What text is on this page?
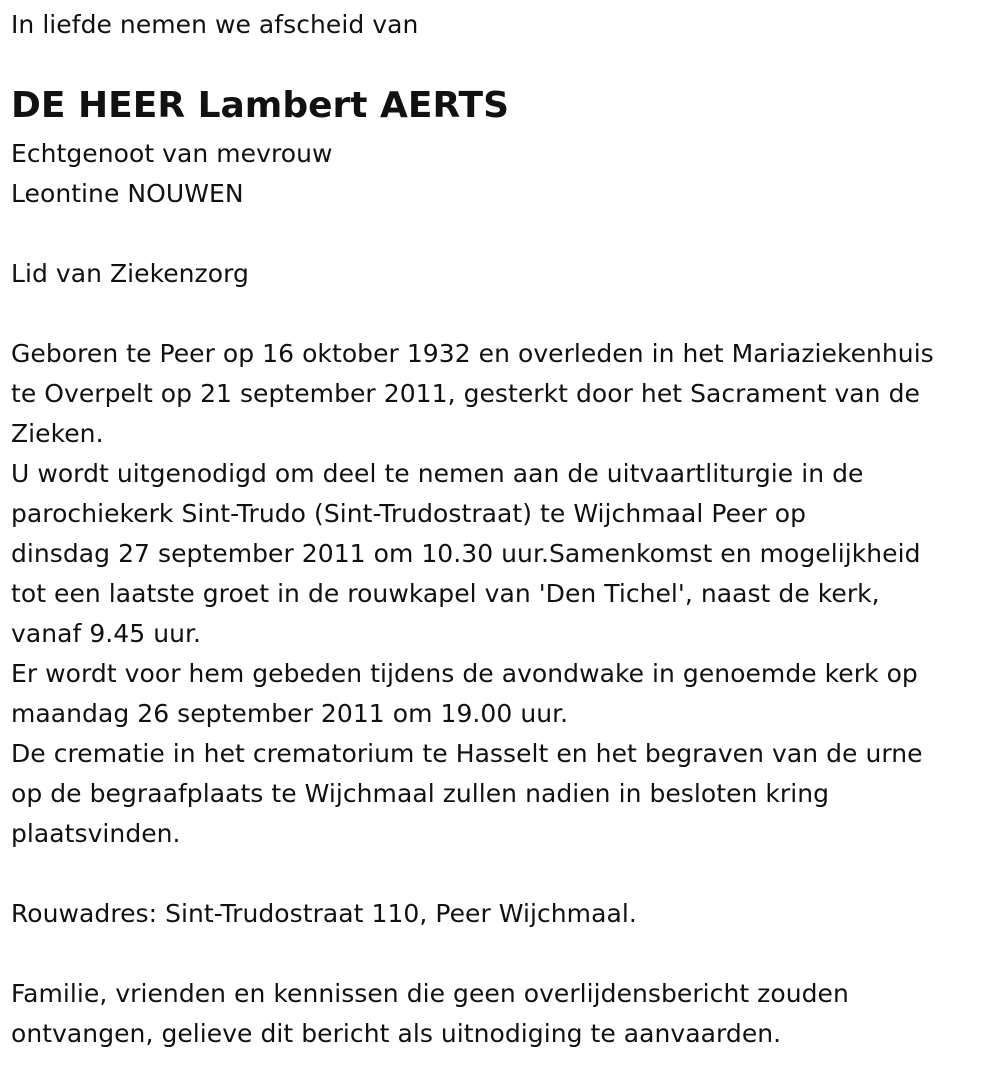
In liefde nemen we afscheid van
DE HEER Lambert AERTS
Echtgenoot van mevrouw
Leontine NOUWEN
Lid van Ziekenzorg
Geboren te Peer op 16 oktober 1932 en overleden in het Mariaziekenhuis
te Overpelt op 21 september 2011, gesterkt door het Sacrament van de
Zieken.
U wordt uitgenodigd om deel te nemen aan de uitvaartliturgie in de
parochiekerk Sint-Trudo (Sint-Trudostraat) te Wijchmaal Peer op
dinsdag 27 september 2011 om 10.30 uur.Samenkomst en mogelijkheid
tot een laatste groet in de rouwkapel van 'Den Tichel', naast de kerk,
vanaf 9.45 uur.
Er wordt voor hem gebeden tijdens de avondwake in genoemde kerk op
maandag 26 september 2011 om 19.00 uur.
De crematie in het crematorium te Hasselt en het begraven van de urne
op de begraafplaats te Wijchmaal zullen nadien in besloten kring
plaatsvinden.
Rouwadres: Sint-Trudostraat 110, Peer Wijchmaal.
Familie, vrienden en kennissen die geen overlijdensbericht zouden
ontvangen, gelieve dit bericht als uitnodiging te aanvaarden.
